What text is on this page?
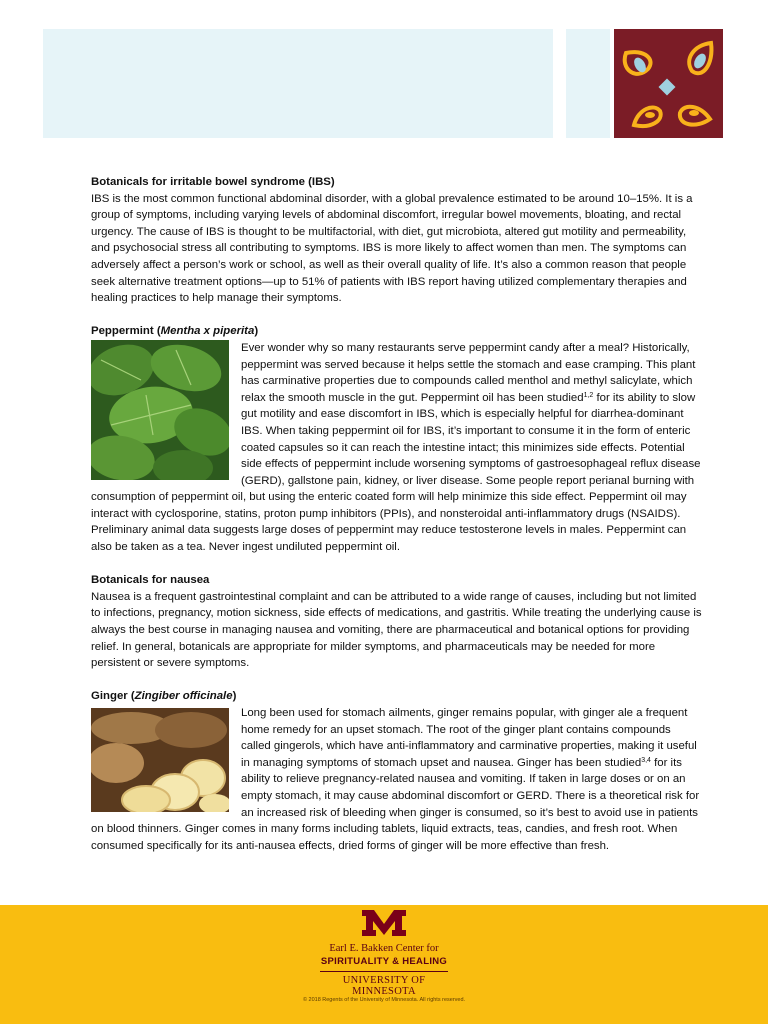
Botanicals for irritable bowel syndrome (IBS)

IBS is the most common functional abdominal disorder, with a global prevalence estimated to be around 10–15%. It is a group of symptoms, including varying levels of abdominal discomfort, irregular bowel movements, bloating, and rectal urgency. The cause of IBS is thought to be multifactorial, with diet, gut microbiota, altered gut motility and permeability, and psychosocial stress all contributing to symptoms. IBS is more likely to affect women than men. The symptoms can adversely affect a person’s work or school, as well as their overall quality of life. It’s also a common reason that people seek alternative treatment options—up to 51% of patients with IBS report having utilized complementary therapies and healing practices to help manage their symptoms.

Peppermint (Mentha x piperita)

Ever wonder why so many restaurants serve peppermint candy after a meal? Historically, peppermint was served because it helps settle the stomach and ease cramping. This plant has carminative properties due to compounds called menthol and methyl salicylate, which relax the smooth muscle in the gut. Peppermint oil has been studied$^{1,2}$ for its ability to slow gut motility and ease discomfort in IBS, which is especially helpful for diarrhea-dominant IBS. When taking peppermint oil for IBS, it’s important to consume it in the form of enteric coated capsules so it can reach the intestine intact; this minimizes side effects. Potential side effects of peppermint include worsening symptoms of gastroesophageal reflux disease (GERD), gallstone pain, kidney, or liver disease. Some people report perianal burning with consumption of peppermint oil, but using the enteric coated form will help minimize this side effect. Peppermint oil may interact with cyclosporine, statins, proton pump inhibitors (PPIs), and nonsteroidal anti-inflammatory drugs (NSAIDS). Preliminary animal data suggests large doses of peppermint may reduce testosterone levels in males. Peppermint can also be taken as a tea. Never ingest undiluted peppermint oil.

Botanicals for nausea

Nausea is a frequent gastrointestinal complaint and can be attributed to a wide range of causes, including but not limited to infections, pregnancy, motion sickness, side effects of medications, and gastritis. While treating the underlying cause is always the best course in managing nausea and vomiting, there are pharmaceutical and botanical options for providing relief. In general, botanicals are appropriate for milder symptoms, and pharmaceuticals may be needed for more persistent or severe symptoms.

Ginger (Zingiber officinale)

Long been used for stomach ailments, ginger remains popular, with ginger ale a frequent home remedy for an upset stomach. The root of the ginger plant contains compounds called gingerols, which have anti-inflammatory and carminative properties, making it useful in managing symptoms of stomach upset and nausea. Ginger has been studied$^{3,4}$ for its ability to relieve pregnancy-related nausea and vomiting. If taken in large doses or on an empty stomach, it may cause abdominal discomfort or GERD. There is a theoretical risk for an increased risk of bleeding when ginger is consumed, so it’s best to avoid use in patients on blood thinners. Ginger comes in many forms including tablets, liquid extracts, teas, candies, and fresh root. When consumed specifically for its anti-nausea effects, dried forms of ginger will be more effective than fresh.

Earl E. Bakken Center for
SPIRITUALITY & HEALING
UNIVERSITY OF MINNESOTA
© 2018 Regents of the University of Minnesota. All rights reserved.
